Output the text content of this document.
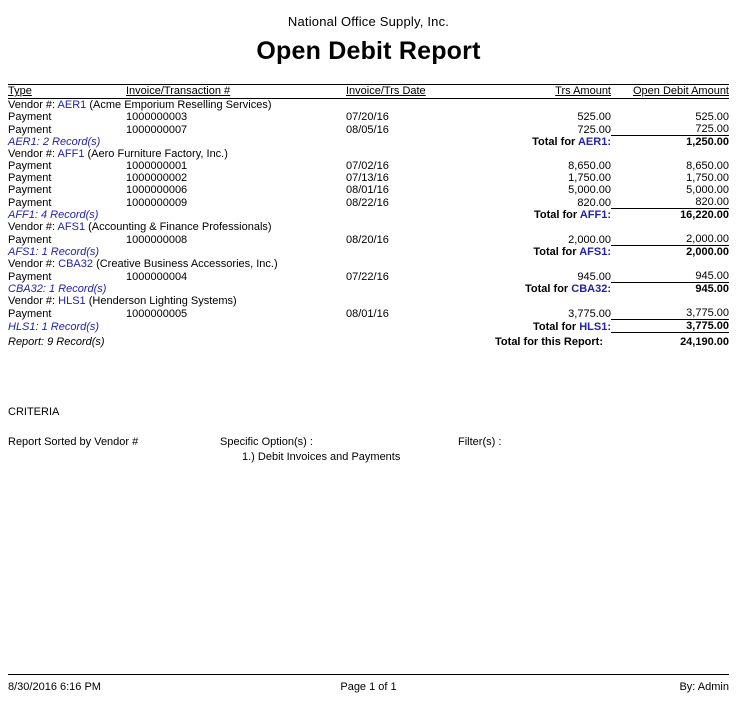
National Office Supply, Inc.
Open Debit Report
Type	Invoice/Transaction #	Invoice/Trs Date	Trs Amount	Open Debit Amount

Vendor #: AER1 (Acme Emporium Reselling Services)				
Payment	1000000003	07/20/16	525.00	525.00
Payment	1000000007	08/05/16	725.00	725.00
AER1: 2 Record(s)		Total for AER1:		1,250.00
Vendor #: AFF1 (Aero Furniture Factory, Inc.)				
Payment	1000000001	07/02/16	8,650.00	8,650.00
Payment	1000000002	07/13/16	1,750.00	1,750.00
Payment	1000000006	08/01/16	5,000.00	5,000.00
Payment	1000000009	08/22/16	820.00	820.00
AFF1: 4 Record(s)		Total for AFF1:		16,220.00
Vendor #: AFS1 (Accounting & Finance Professionals)				
Payment	1000000008	08/20/16	2,000.00	2,000.00
AFS1: 1 Record(s)		Total for AFS1:		2,000.00
Vendor #: CBA32 (Creative Business Accessories, Inc.)				
Payment	1000000004	07/22/16	945.00	945.00
CBA32: 1 Record(s)		Total for CBA32:		945.00
Vendor #: HLS1 (Henderson Lighting Systems)				
Payment	1000000005	08/01/16	3,775.00	3,775.00
HLS1: 1 Record(s)		Total for HLS1:		3,775.00
Report: 9 Record(s)		Total for this Report:		24,190.00
CRITERIA
Report Sorted by Vendor #	Specific Option(s) :
1.) Debit Invoices and Payments
Filter(s) :
8/30/2016 6:16 PM	Page 1 of 1	By: Admin
